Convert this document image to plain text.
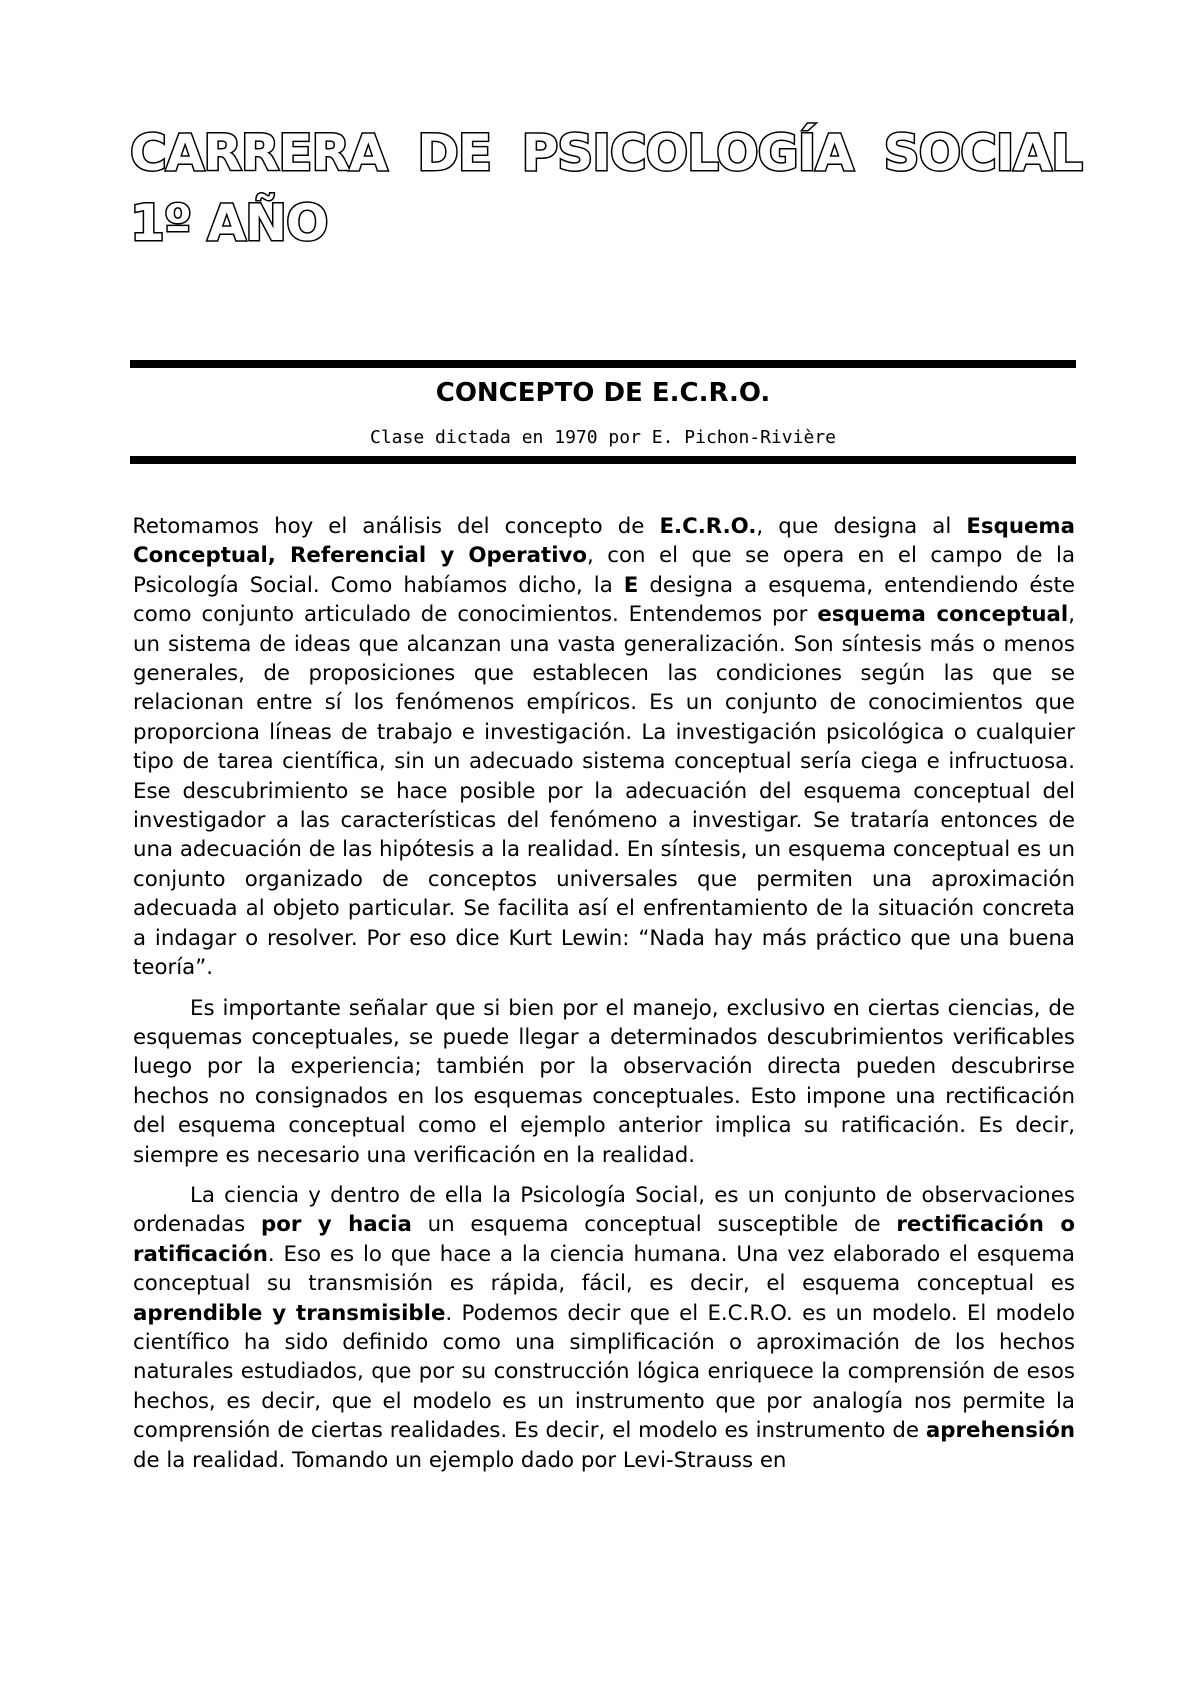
CARRERA DE PSICOLOGÍA SOCIAL
1º AÑO
CONCEPTO DE E.C.R.O.
Clase dictada en 1970 por E. Pichon-Rivière

Retomamos hoy el análisis del concepto de E.C.R.O., que designa al Esquema Conceptual, Referencial y Operativo, con el que se opera en el campo de la Psicología Social. Como habíamos dicho, la E designa a esquema, entendiendo éste como conjunto articulado de conocimientos. Entendemos por esquema conceptual, un sistema de ideas que alcanzan una vasta generalización. Son síntesis más o menos generales, de proposiciones que establecen las condiciones según las que se relacionan entre sí los fenómenos empíricos. Es un conjunto de conocimientos que proporciona líneas de trabajo e investigación. La investigación psicológica o cualquier tipo de tarea científica, sin un adecuado sistema conceptual sería ciega e infructuosa. Ese descubrimiento se hace posible por la adecuación del esquema conceptual del investigador a las características del fenómeno a investigar. Se trataría entonces de una adecuación de las hipótesis a la realidad. En síntesis, un esquema conceptual es un conjunto organizado de conceptos universales que permiten una aproximación adecuada al objeto particular. Se facilita así el enfrentamiento de la situación concreta a indagar o resolver. Por eso dice Kurt Lewin: “Nada hay más práctico que una buena teoría”.

Es importante señalar que si bien por el manejo, exclusivo en ciertas ciencias, de esquemas conceptuales, se puede llegar a determinados descubrimientos verificables luego por la experiencia; también por la observación directa pueden descubrirse hechos no consignados en los esquemas conceptuales. Esto impone una rectificación del esquema conceptual como el ejemplo anterior implica su ratificación. Es decir, siempre es necesario una verificación en la realidad.

La ciencia y dentro de ella la Psicología Social, es un conjunto de observaciones ordenadas por y hacia un esquema conceptual susceptible de rectificación o ratificación. Eso es lo que hace a la ciencia humana. Una vez elaborado el esquema conceptual su transmisión es rápida, fácil, es decir, el esquema conceptual es aprendible y transmisible. Podemos decir que el E.C.R.O. es un modelo. El modelo científico ha sido definido como una simplificación o aproximación de los hechos naturales estudiados, que por su construcción lógica enriquece la comprensión de esos hechos, es decir, que el modelo es un instrumento que por analogía nos permite la comprensión de ciertas realidades. Es decir, el modelo es instrumento de aprehensión de la realidad. Tomando un ejemplo dado por Levi-Strauss en
